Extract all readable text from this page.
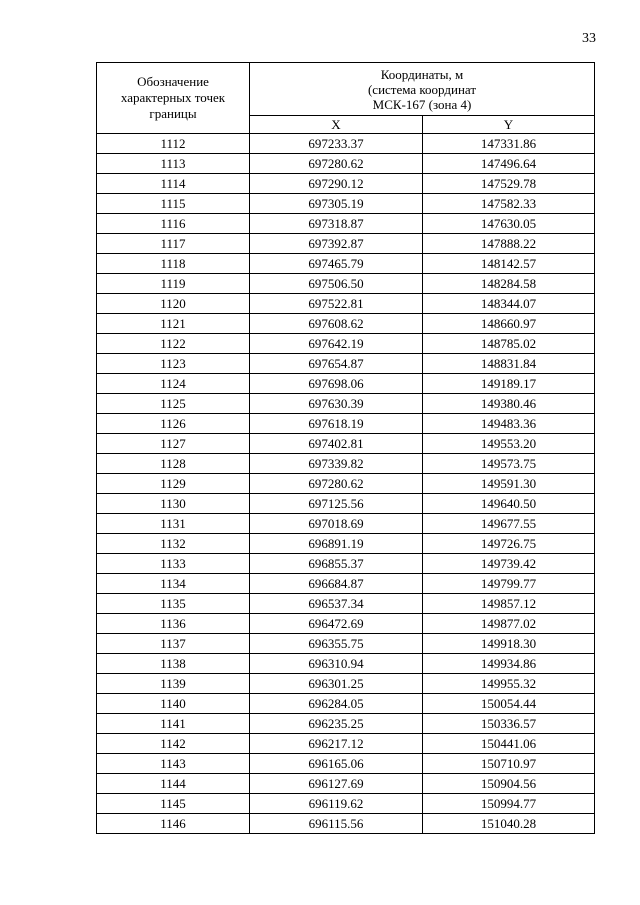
33
Обозначение характерных точек границы	Координаты, м
(система координат
МСК-167 (зона 4)	
	X	Y
1112	697233.37	147331.86
1113	697280.62	147496.64
1114	697290.12	147529.78
1115	697305.19	147582.33
1116	697318.87	147630.05
1117	697392.87	147888.22
1118	697465.79	148142.57
1119	697506.50	148284.58
1120	697522.81	148344.07
1121	697608.62	148660.97
1122	697642.19	148785.02
1123	697654.87	148831.84
1124	697698.06	149189.17
1125	697630.39	149380.46
1126	697618.19	149483.36
1127	697402.81	149553.20
1128	697339.82	149573.75
1129	697280.62	149591.30
1130	697125.56	149640.50
1131	697018.69	149677.55
1132	696891.19	149726.75
1133	696855.37	149739.42
1134	696684.87	149799.77
1135	696537.34	149857.12
1136	696472.69	149877.02
1137	696355.75	149918.30
1138	696310.94	149934.86
1139	696301.25	149955.32
1140	696284.05	150054.44
1141	696235.25	150336.57
1142	696217.12	150441.06
1143	696165.06	150710.97
1144	696127.69	150904.56
1145	696119.62	150994.77
1146	696115.56	151040.28
